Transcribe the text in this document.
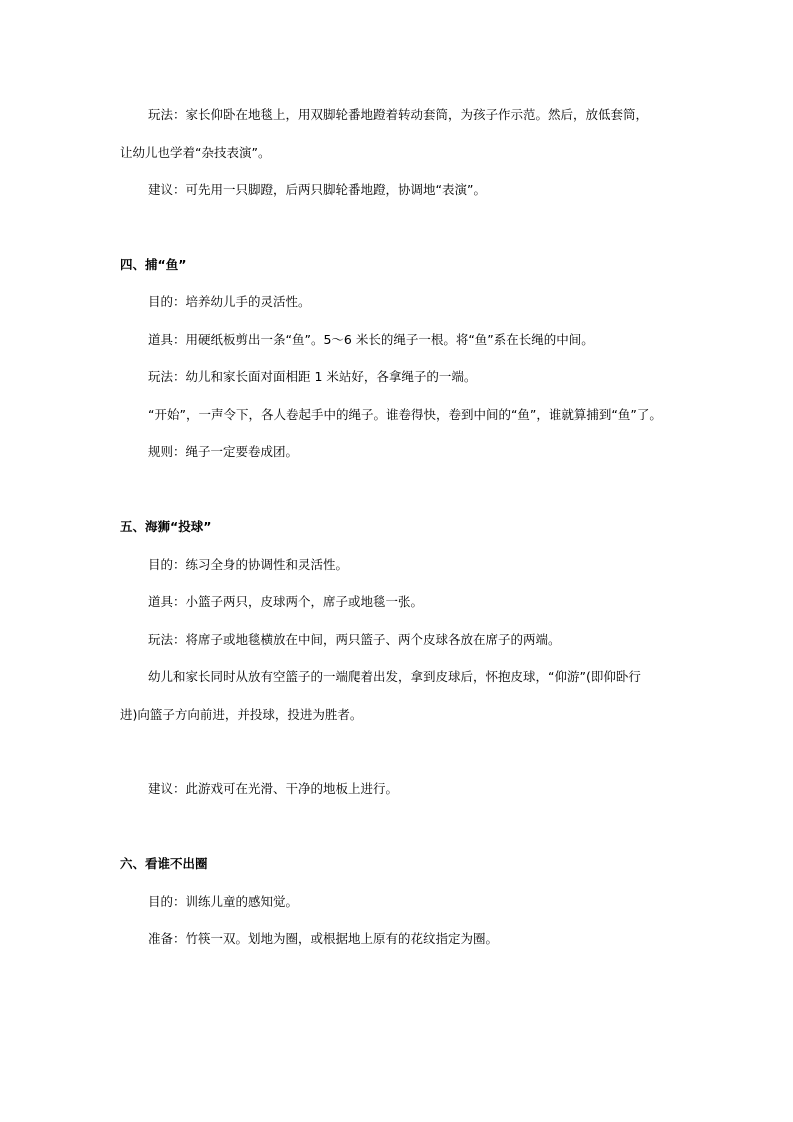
玩法：家长仰卧在地毯上，用双脚轮番地蹬着转动套筒，为孩子作示范。然后，放低套筒，
让幼儿也学着“杂技表演”。
建议：可先用一只脚蹬，后两只脚轮番地蹬，协调地“表演”。
四、捕“鱼”
目的：培养幼儿手的灵活性。
道具：用硬纸板剪出一条“鱼”。5～6 米长的绳子一根。将“鱼”系在长绳的中间。
玩法：幼儿和家长面对面相距 1 米站好，各拿绳子的一端。
“开始”，一声令下，各人卷起手中的绳子。谁卷得快，卷到中间的“鱼”，谁就算捕到“鱼”了。
规则：绳子一定要卷成团。
五、海狮“投球”
目的：练习全身的协调性和灵活性。
道具：小篮子两只，皮球两个，席子或地毯一张。
玩法：将席子或地毯横放在中间，两只篮子、两个皮球各放在席子的两端。
幼儿和家长同时从放有空篮子的一端爬着出发，拿到皮球后，怀抱皮球，“仰游”(即仰卧行
进)向篮子方向前进，并投球，投进为胜者。
建议：此游戏可在光滑、干净的地板上进行。
六、看谁不出圈
目的：训练儿童的感知觉。
准备：竹筷一双。划地为圈，或根据地上原有的花纹指定为圈。
